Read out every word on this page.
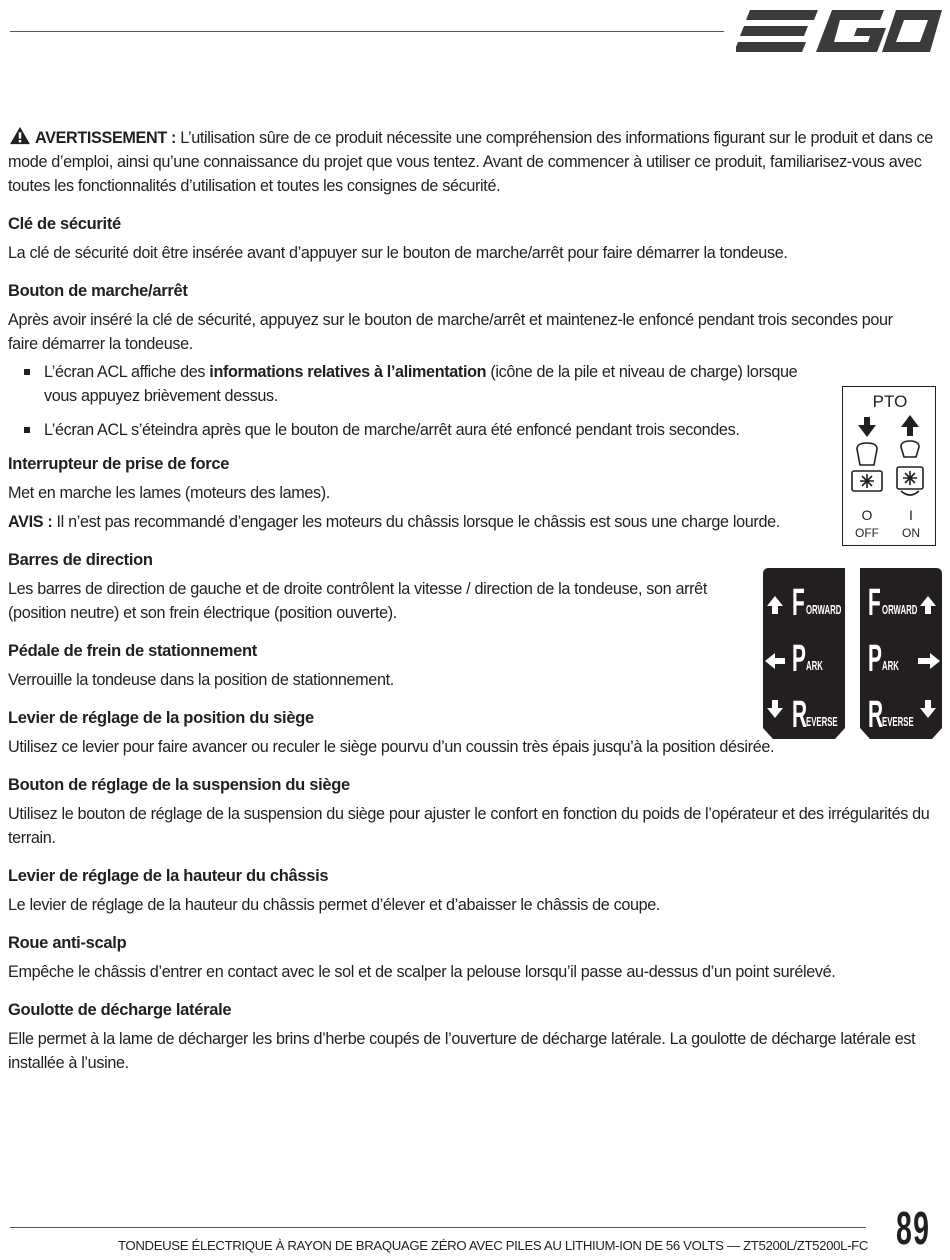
AVERTISSEMENT : L’utilisation sûre de ce produit nécessite une compréhension des informations figurant sur le produit et dans ce mode d’emploi, ainsi qu’une connaissance du projet que vous tentez. Avant de commencer à utiliser ce produit, familiarisez-vous avec toutes les fonctionnalités d’utilisation et toutes les consignes de sécurité.

Clé de sécurité

La clé de sécurité doit être insérée avant d’appuyer sur le bouton de marche/arrêt pour faire démarrer la tondeuse.

Bouton de marche/arrêt

Après avoir inséré la clé de sécurité, appuyez sur le bouton de marche/arrêt et maintenez-le enfoncé pendant trois secondes pour faire démarrer la tondeuse.

L’écran ACL affiche des informations relatives à l’alimentation (icône de la pile et niveau de charge) lorsque vous appuyez brièvement dessus.
L’écran ACL s’éteindra après que le bouton de marche/arrêt aura été enfoncé pendant trois secondes.
Interrupteur de prise de force

Met en marche les lames (moteurs des lames).

AVIS : Il n’est pas recommandé d’engager les moteurs du châssis lorsque le châssis est sous une charge lourde.

Barres de direction

Les barres de direction de gauche et de droite contrôlent la vitesse / direction de la tondeuse, son arrêt (position neutre) et son frein électrique (position ouverte).

Pédale de frein de stationnement

Verrouille la tondeuse dans la position de stationnement.

Levier de réglage de la position du siège

Utilisez ce levier pour faire avancer ou reculer le siège pourvu d’un coussin très épais jusqu’à la position désirée.

Bouton de réglage de la suspension du siège

Utilisez le bouton de réglage de la suspension du siège pour ajuster le confort en fonction du poids de l’opérateur et des irrégularités du terrain.

Levier de réglage de la hauteur du châssis

Le levier de réglage de la hauteur du châssis permet d’élever et d’abaisser le châssis de coupe.

Roue anti-scalp

Empêche le châssis d’entrer en contact avec le sol et de scalper la pelouse lorsqu’il passe au-dessus d’un point surélevé.

Goulotte de décharge latérale

Elle permet à la lame de décharger les brins d’herbe coupés de l’ouverture de décharge latérale. La goulotte de décharge latérale est installée à l’usine.

PTO
O	I
OFF ON
F ORWARD
P ARK
R
EVERSE
F ORWARD
P ARK
R
EVERSE
TONDEUSE ÉLECTRIQUE À RAYON DE BRAQUAGE ZÉRO AVEC PILES AU LITHIUM-ION DE 56 VOLTS — ZT5200L/ZT5200L-FC 89
